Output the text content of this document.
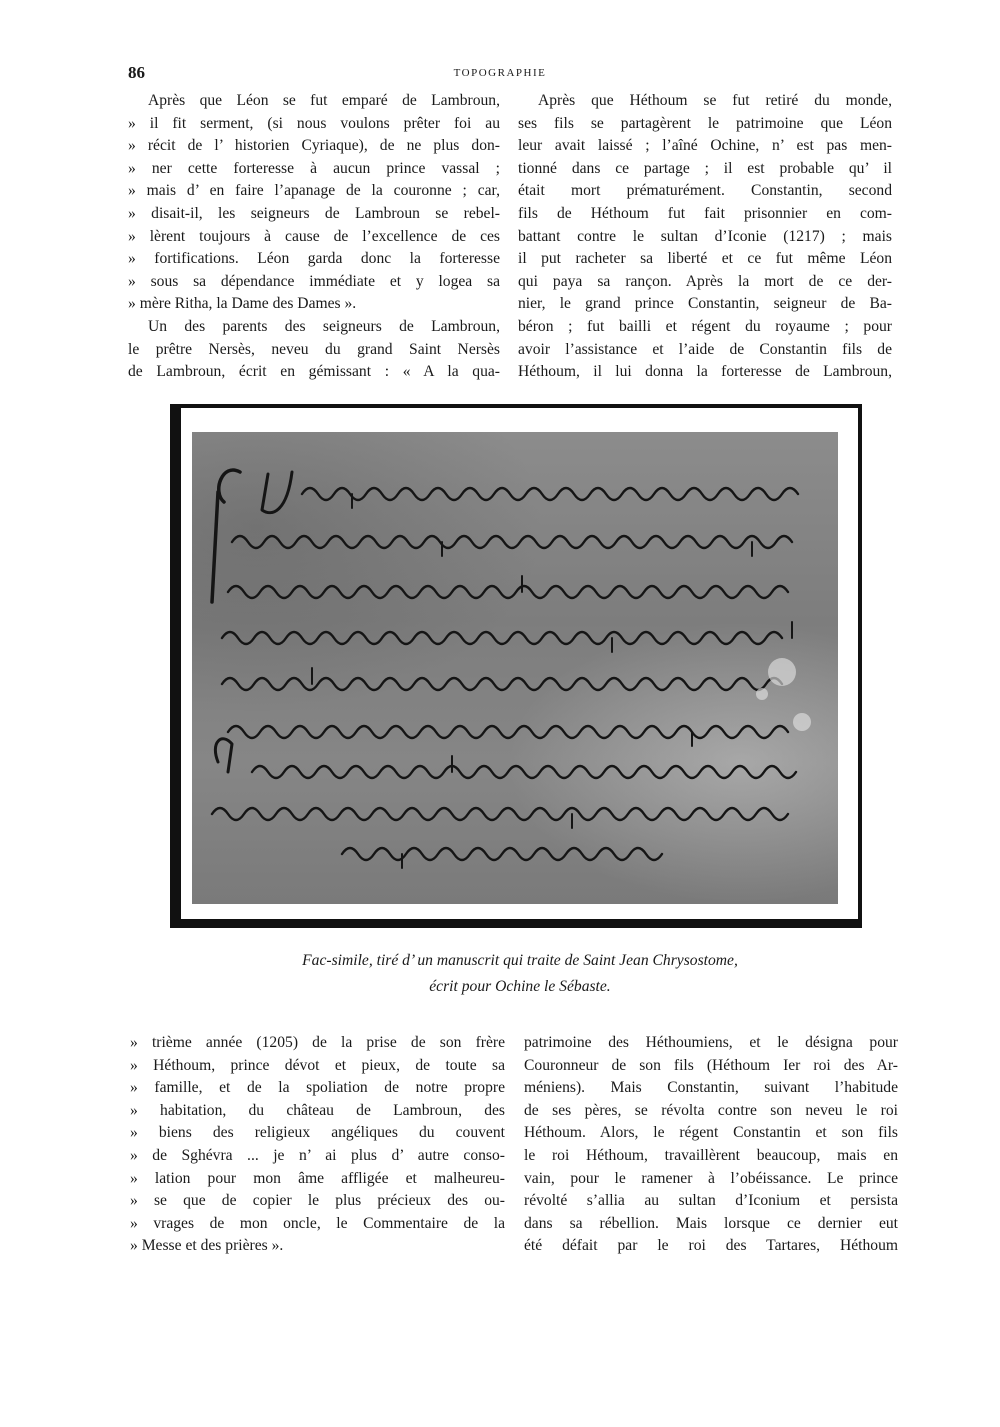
86	TOPOGRAPHIE
Après que Léon se fut emparé de Lambroun,
» il fit serment, (si nous voulons prêter foi au
» récit de l’ historien Cyriaque), de ne plus don-
» ner cette forteresse à aucun prince vassal ;
» mais d’ en faire l’apanage de la couronne ; car,
» disait-il, les seigneurs de Lambroun se rebel-
» lèrent toujours à cause de l’excellence de ces
» fortifications. Léon garda donc la forteresse
» sous sa dépendance immédiate et y logea sa
» mère Ritha, la Dame des Dames ».
Un des parents des seigneurs de Lambroun,
le prêtre Nersès, neveu du grand Saint Nersès
de Lambroun, écrit en gémissant : « A la qua-
Après que Héthoum se fut retiré du monde,
ses fils se partagèrent le patrimoine que Léon
leur avait laissé ; l’aîné Ochine, n’ est pas men-
tionné dans ce partage ; il est probable qu’ il
était mort prématurément. Constantin, second
fils de Héthoum fut fait prisonnier en com-
battant contre le sultan d’Iconie (1217) ; mais
il put racheter sa liberté et ce fut même Léon
qui paya sa rançon. Après la mort de ce der-
nier, le grand prince Constantin, seigneur de Ba-
béron ; fut bailli et régent du royaume ; pour
avoir l’assistance et l’aide de Constantin fils de
Héthoum, il lui donna la forteresse de Lambroun,
Fac-simile, tiré d’ un manuscrit qui traite de Saint Jean Chrysostome,
écrit pour Ochine le Sébaste.
» trième année (1205) de la prise de son frère
» Héthoum, prince dévot et pieux, de toute sa
» famille, et de la spoliation de notre propre
» habitation, du château de Lambroun, des
» biens des religieux angéliques du couvent
» de Sghévra ... je n’ ai plus d’ autre conso-
» lation pour mon âme affligée et malheureu-
» se que de copier le plus précieux des ou-
» vrages de mon oncle, le Commentaire de la
» Messe et des prières ».
patrimoine des Héthoumiens, et le désigna pour
Couronneur de son fils (Héthoum Ier roi des Ar-
méniens). Mais Constantin, suivant l’habitude
de ses pères, se révolta contre son neveu le roi
Héthoum. Alors, le régent Constantin et son fils
le roi Héthoum, travaillèrent beaucoup, mais en
vain, pour le ramener à l’obéissance. Le prince
révolté s’allia au sultan d’Iconium et persista
dans sa rébellion. Mais lorsque ce dernier eut
été défait par le roi des Tartares, Héthoum
